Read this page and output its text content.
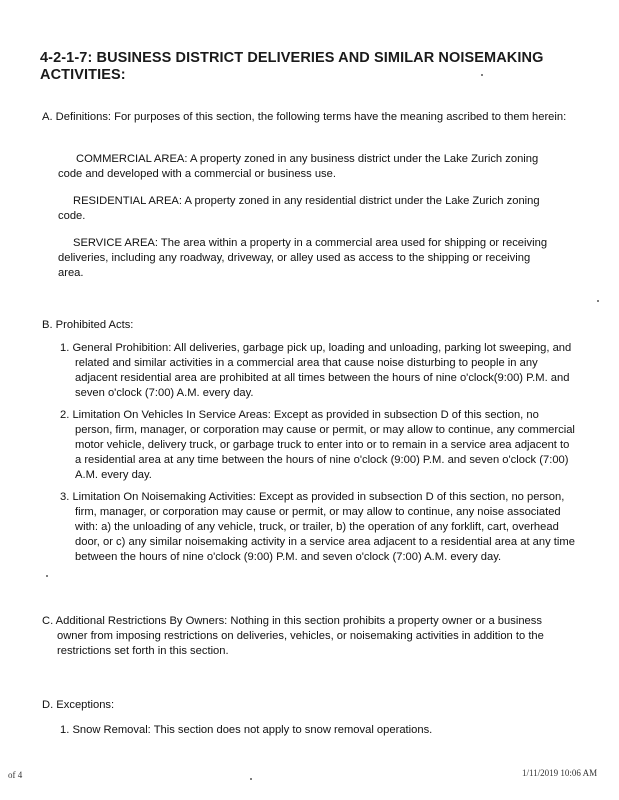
4-2-1-7: BUSINESS DISTRICT DELIVERIES AND SIMILAR NOISEMAKING ACTIVITIES:
A. Definitions: For purposes of this section, the following terms have the meaning ascribed to them herein:
COMMERCIAL AREA: A property zoned in any business district under the Lake Zurich zoning code and developed with a commercial or business use.
RESIDENTIAL AREA: A property zoned in any residential district under the Lake Zurich zoning code.
SERVICE AREA: The area within a property in a commercial area used for shipping or receiving deliveries, including any roadway, driveway, or alley used as access to the shipping or receiving area.
B. Prohibited Acts:
1. General Prohibition: All deliveries, garbage pick up, loading and unloading, parking lot sweeping, and related and similar activities in a commercial area that cause noise disturbing to people in any adjacent residential area are prohibited at all times between the hours of nine o'clock(9:00) P.M. and seven o'clock (7:00) A.M. every day.
2. Limitation On Vehicles In Service Areas: Except as provided in subsection D of this section, no person, firm, manager, or corporation may cause or permit, or may allow to continue, any commercial motor vehicle, delivery truck, or garbage truck to enter into or to remain in a service area adjacent to a residential area at any time between the hours of nine o'clock (9:00) P.M. and seven o'clock (7:00) A.M. every day.
3. Limitation On Noisemaking Activities: Except as provided in subsection D of this section, no person, firm, manager, or corporation may cause or permit, or may allow to continue, any noise associated with: a) the unloading of any vehicle, truck, or trailer, b) the operation of any forklift, cart, overhead door, or c) any similar noisemaking activity in a service area adjacent to a residential area at any time between the hours of nine o'clock (9:00) P.M. and seven o'clock (7:00) A.M. every day.
C. Additional Restrictions By Owners: Nothing in this section prohibits a property owner or a business owner from imposing restrictions on deliveries, vehicles, or noisemaking activities in addition to the restrictions set forth in this section.
D. Exceptions:
1. Snow Removal: This section does not apply to snow removal operations.
of 4	1/11/2019 10:06 AM
